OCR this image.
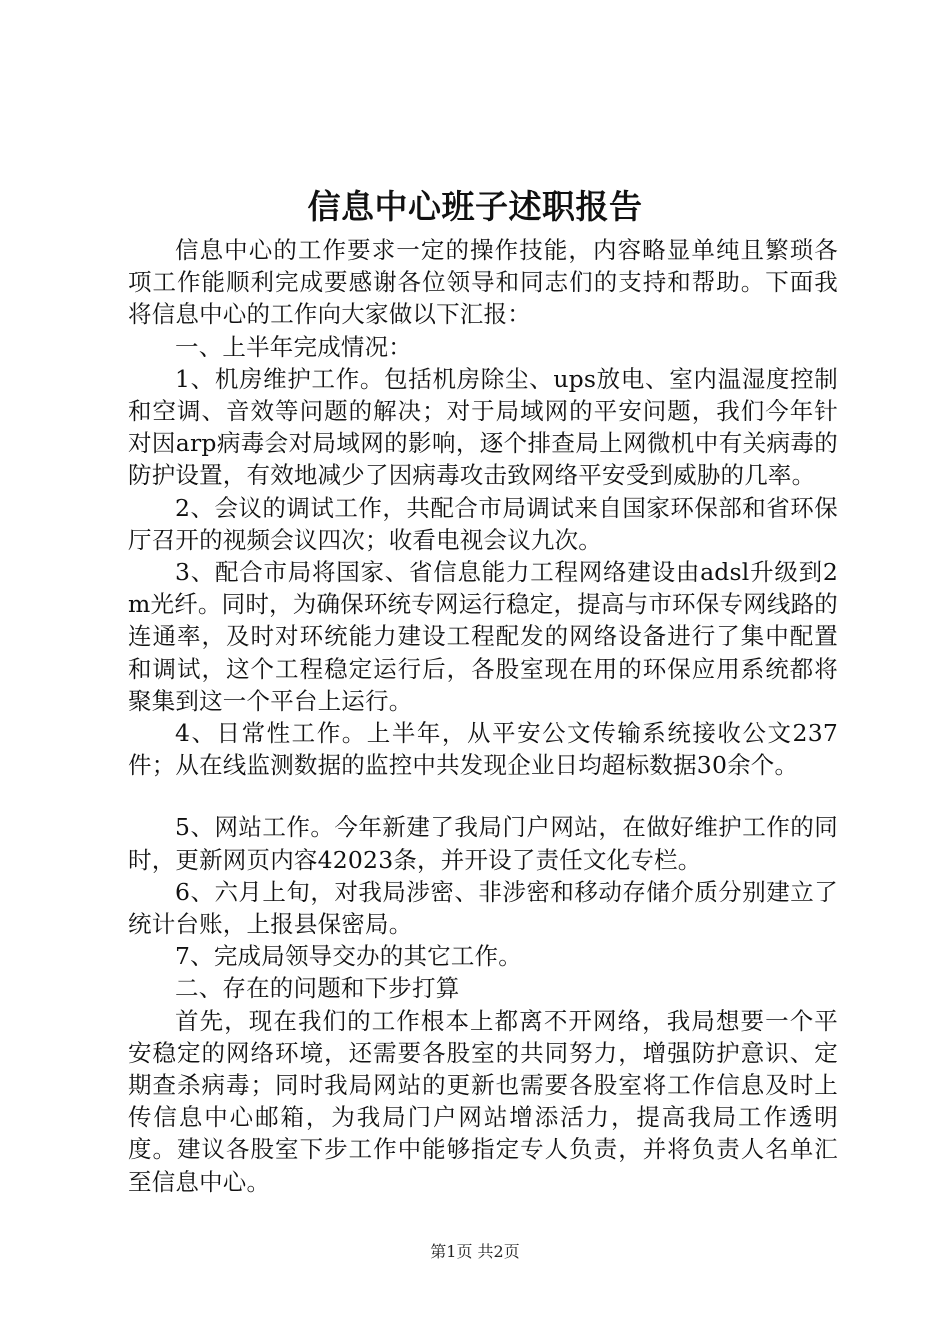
信息中心班子述职报告

信息中心的工作要求一定的操作技能，内容略显单纯且繁琐各项工作能顺利完成要感谢各位领导和同志们的支持和帮助。下面我将信息中心的工作向大家做以下汇报：

一、上半年完成情况：

1、机房维护工作。包括机房除尘、ups放电、室内温湿度控制和空调、音效等问题的解决；对于局域网的平安问题，我们今年针对因arp病毒会对局域网的影响，逐个排查局上网微机中有关病毒的防护设置，有效地减少了因病毒攻击致网络平安受到威胁的几率。

2、会议的调试工作，共配合市局调试来自国家环保部和省环保厅召开的视频会议四次；收看电视会议九次。

3、配合市局将国家、省信息能力工程网络建设由adsl升级到2m光纤。同时，为确保环统专网运行稳定，提高与市环保专网线路的连通率，及时对环统能力建设工程配发的网络设备进行了集中配置和调试，这个工程稳定运行后，各股室现在用的环保应用系统都将聚集到这一个平台上运行。

4、日常性工作。上半年，从平安公文传输系统接收公文237件；从在线监测数据的监控中共发现企业日均超标数据30余个。

5、网站工作。今年新建了我局门户网站，在做好维护工作的同时，更新网页内容42023条，并开设了责任文化专栏。

6、六月上旬，对我局涉密、非涉密和移动存储介质分别建立了统计台账，上报县保密局。

7、完成局领导交办的其它工作。

二、存在的问题和下步打算

首先，现在我们的工作根本上都离不开网络，我局想要一个平安稳定的网络环境，还需要各股室的共同努力，增强防护意识、定期查杀病毒；同时我局网站的更新也需要各股室将工作信息及时上传信息中心邮箱，为我局门户网站增添活力，提高我局工作透明度。建议各股室下步工作中能够指定专人负责，并将负责人名单汇至信息中心。

第1页 共2页
